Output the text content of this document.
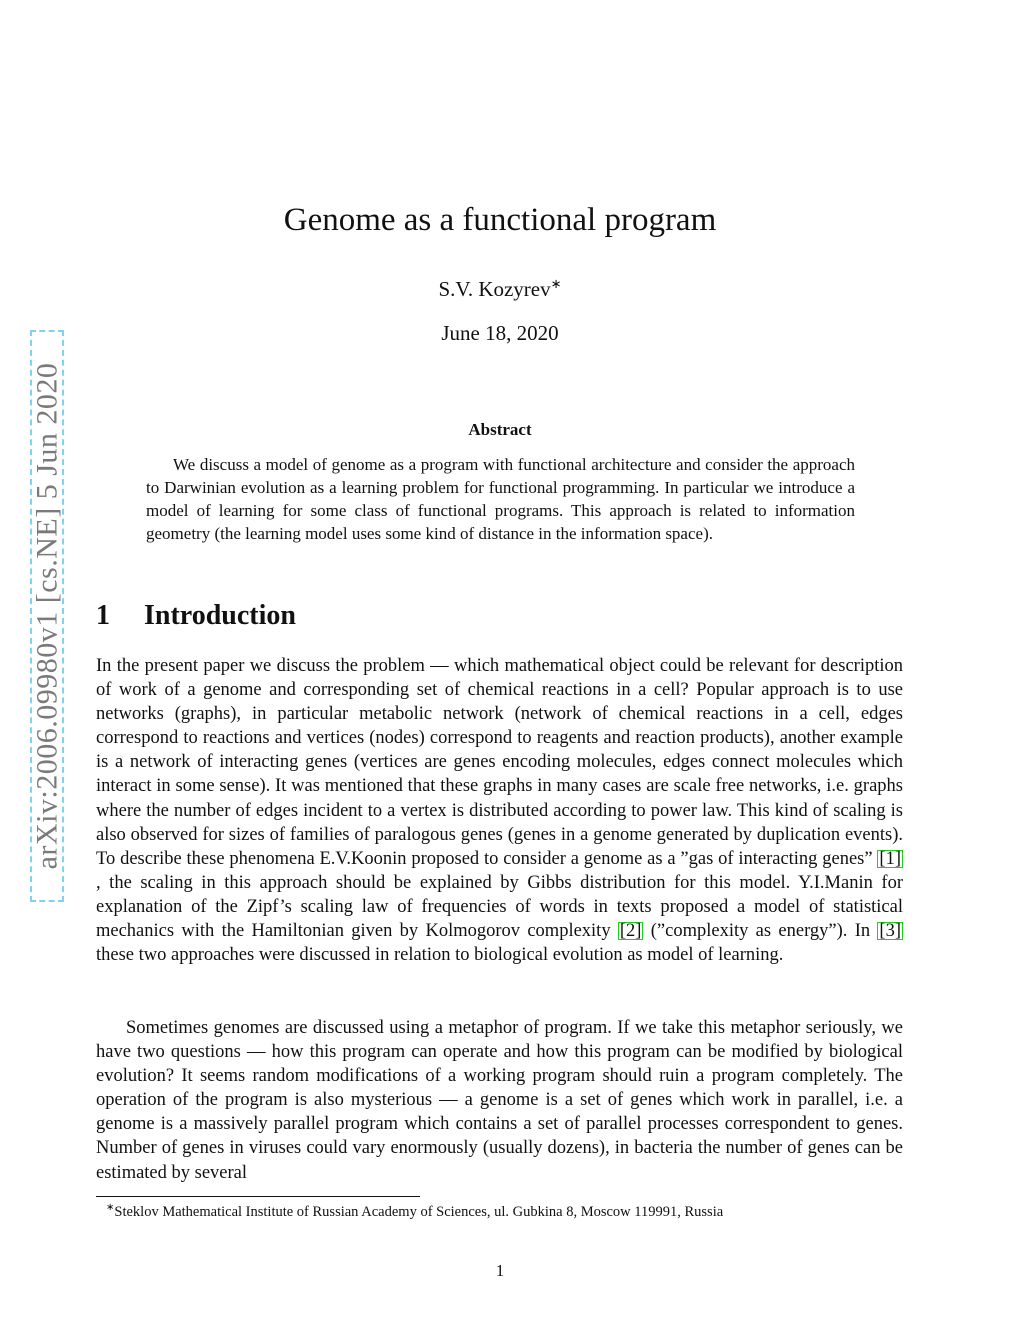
arXiv:2006.09980v1 [cs.NE] 5 Jun 2020
Genome as a functional program
S.V. Kozyrev∗
June 18, 2020
Abstract

We discuss a model of genome as a program with functional architecture and consider the approach to Darwinian evolution as a learning problem for functional programming. In particular we introduce a model of learning for some class of functional programs. This approach is related to information geometry (the learning model uses some kind of distance in the information space).

1 Introduction

In the present paper we discuss the problem — which mathematical object could be relevant for description of work of a genome and corresponding set of chemical reactions in a cell? Popular approach is to use networks (graphs), in particular metabolic network (network of chemical reactions in a cell, edges correspond to reactions and vertices (nodes) correspond to reagents and reaction products), another example is a network of interacting genes (vertices are genes encoding molecules, edges connect molecules which interact in some sense). It was mentioned that these graphs in many cases are scale free networks, i.e. graphs where the number of edges incident to a vertex is distributed according to power law. This kind of scaling is also observed for sizes of families of paralogous genes (genes in a genome generated by duplication events). To describe these phenomena E.V.Koonin proposed to consider a genome as a ”gas of interacting genes” [1], the scaling in this approach should be explained by Gibbs distribution for this model. Y.I.Manin for explanation of the Zipf’s scaling law of frequencies of words in texts proposed a model of statistical mechanics with the Hamiltonian given by Kolmogorov complexity [2] (”complexity as energy”). In [3] these two approaches were discussed in relation to biological evolution as model of learning.

Sometimes genomes are discussed using a metaphor of program. If we take this metaphor seriously, we have two questions — how this program can operate and how this program can be modified by biological evolution? It seems random modifications of a working program should ruin a program completely. The operation of the program is also mysterious — a genome is a set of genes which work in parallel, i.e. a genome is a massively parallel program which contains a set of parallel processes correspondent to genes. Number of genes in viruses could vary enormously (usually dozens), in bacteria the number of genes can be estimated by several

∗Steklov Mathematical Institute of Russian Academy of Sciences, ul. Gubkina 8, Moscow 119991, Russia
1
